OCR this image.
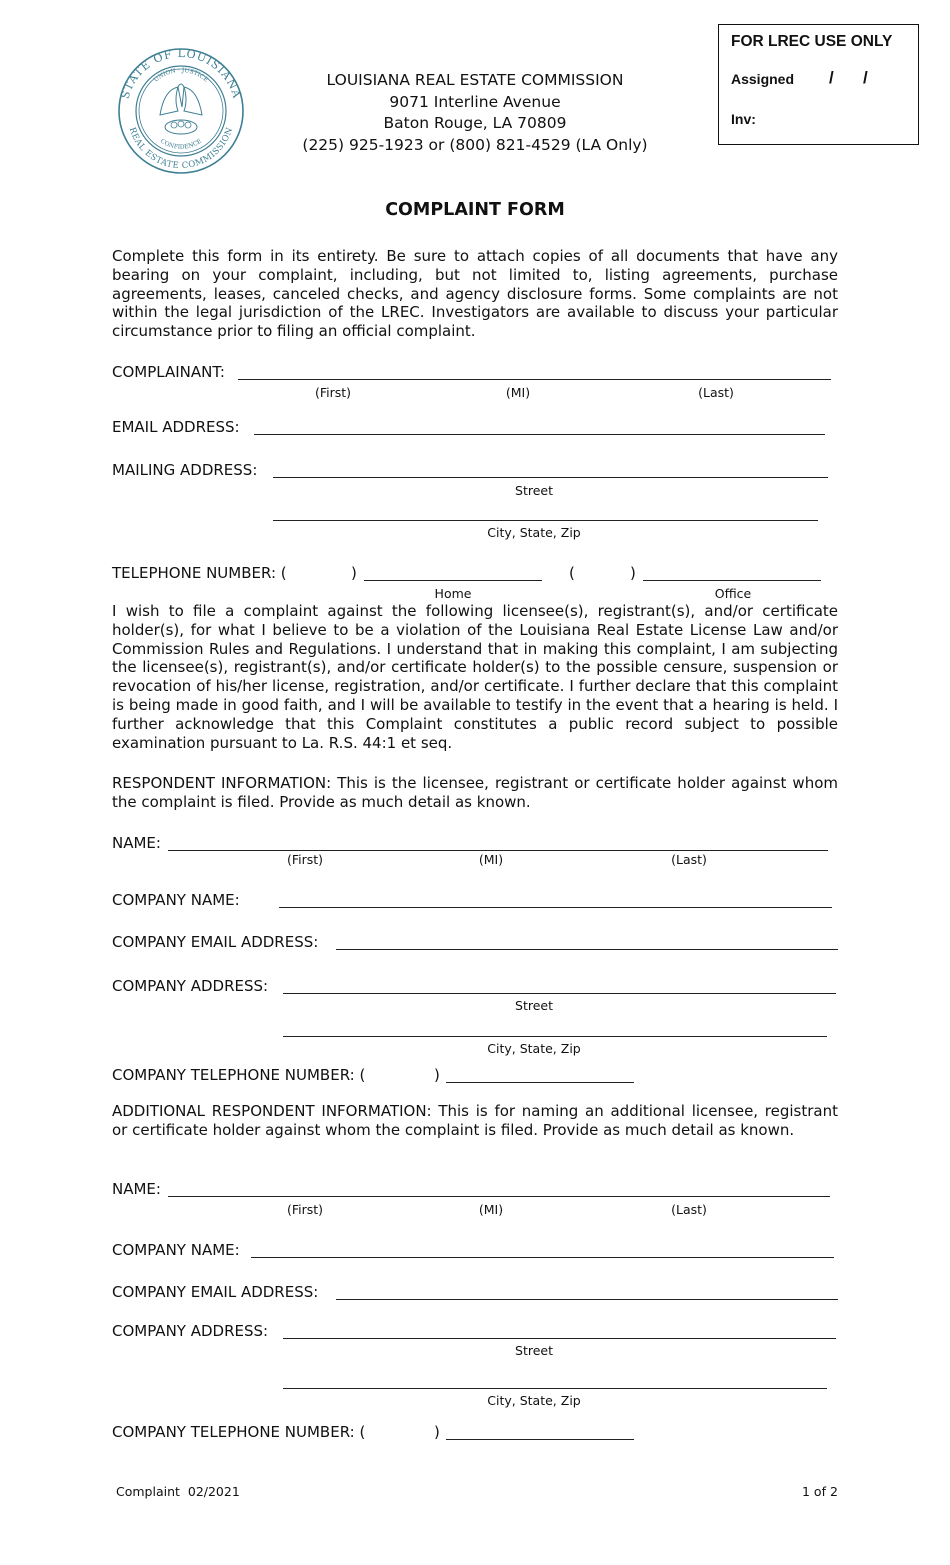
FOR LREC USE ONLY
Assigned / /
Inv:
STATE OF LOUISIANA
REAL ESTATE COMMISSION
UNION · JUSTICE
CONFIDENCE
LOUISIANA REAL ESTATE COMMISSION
9071 Interline Avenue
Baton Rouge, LA 70809
(225) 925-1923 or (800) 821-4529 (LA Only)
COMPLAINT FORM
Complete this form in its entirety. Be sure to attach copies of all documents that have any bearing on your complaint, including, but not limited to, listing agreements, purchase agreements, leases, canceled checks, and agency disclosure forms. Some complaints are not within the legal jurisdiction of the LREC. Investigators are available to discuss your particular circumstance prior to filing an official complaint.
COMPLAINANT:
(First)	(MI)	(Last)
EMAIL ADDRESS:
MAILING ADDRESS:
Street
City, State, Zip
TELEPHONE NUMBER: (	)	(	)
Home	Office
I wish to file a complaint against the following licensee(s), registrant(s), and/or certificate holder(s), for what I believe to be a violation of the Louisiana Real Estate License Law and/or Commission Rules and Regulations. I understand that in making this complaint, I am subjecting the licensee(s), registrant(s), and/or certificate holder(s) to the possible censure, suspension or revocation of his/her license, registration, and/or certificate. I further declare that this complaint is being made in good faith, and I will be available to testify in the event that a hearing is held. I further acknowledge that this Complaint constitutes a public record subject to possible examination pursuant to La. R.S. 44:1 et seq.
RESPONDENT INFORMATION: This is the licensee, registrant or certificate holder against whom the complaint is filed. Provide as much detail as known.
NAME:
(First)	(MI)	(Last)
COMPANY NAME:
COMPANY EMAIL ADDRESS:
COMPANY ADDRESS:
Street
City, State, Zip
COMPANY TELEPHONE NUMBER: (	)
ADDITIONAL RESPONDENT INFORMATION: This is for naming an additional licensee, registrant or certificate holder against whom the complaint is filed. Provide as much detail as known.
NAME:
(First)	(MI)	(Last)
COMPANY NAME:
COMPANY EMAIL ADDRESS:
COMPANY ADDRESS:
Street
City, State, Zip
COMPANY TELEPHONE NUMBER: (	)
Complaint  02/2021	1 of 2
